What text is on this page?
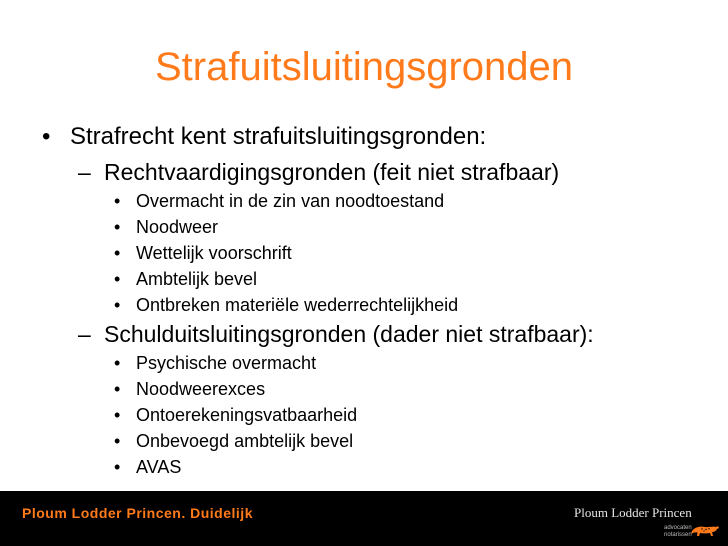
Strafuitsluitingsgronden
• Strafrecht kent strafuitsluitingsgronden:
– Rechtvaardigingsgronden (feit niet strafbaar)
• Overmacht in de zin van noodtoestand
• Noodweer
• Wettelijk voorschrift
• Ambtelijk bevel
• Ontbreken materiële wederrechtelijkheid
– Schulduitsluitingsgronden (dader niet strafbaar):
• Psychische overmacht
• Noodweerexces
• Ontoerekeningsvatbaarheid
• Onbevoegd ambtelijk bevel
• AVAS
Ploum Lodder Princen. Duidelijk	Ploum Lodder Princen
advocaten
notarissen
